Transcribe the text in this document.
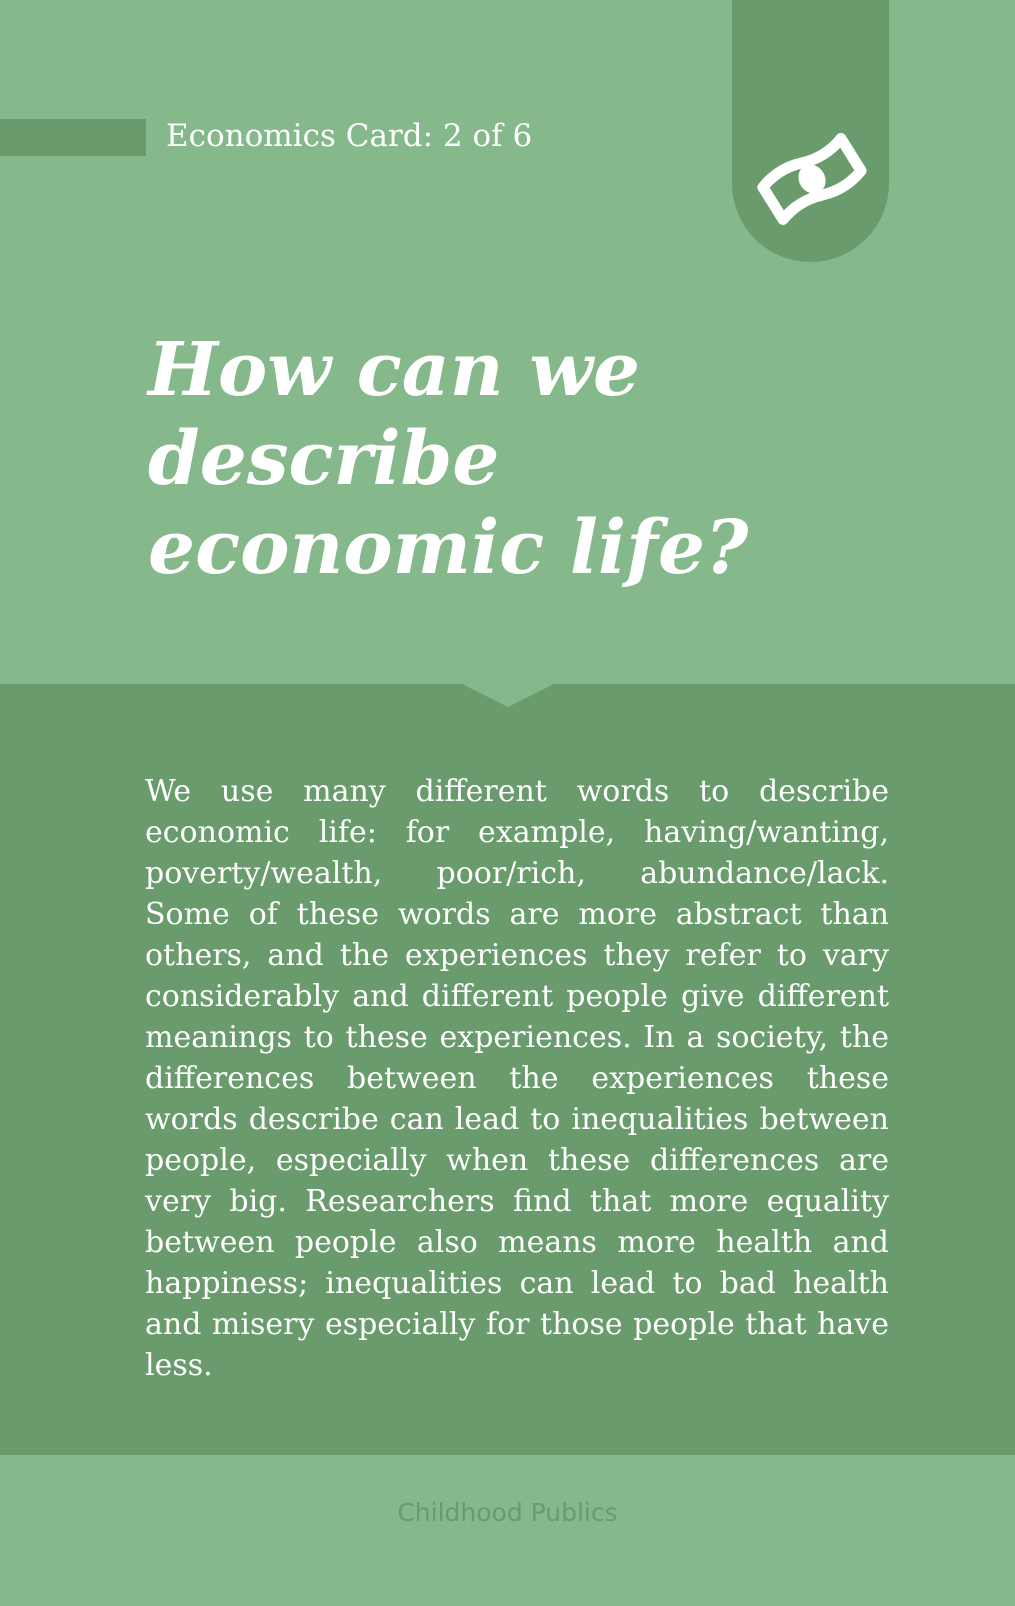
Economics Card: 2 of 6
How can we
describe
economic life?

We use many different words to describe economic life: for example, having/wanting, poverty/wealth, poor/rich, abundance/lack. Some of these words are more abstract than others, and the experiences they refer to vary considerably and different people give different meanings to these experiences. In a society, the differences between the experiences these words describe can lead to inequalities between people, especially when these differences are very big. Researchers find that more equality between people also means more health and happiness; inequalities can lead to bad health and misery especially for those people that have less.

Childhood Publics
